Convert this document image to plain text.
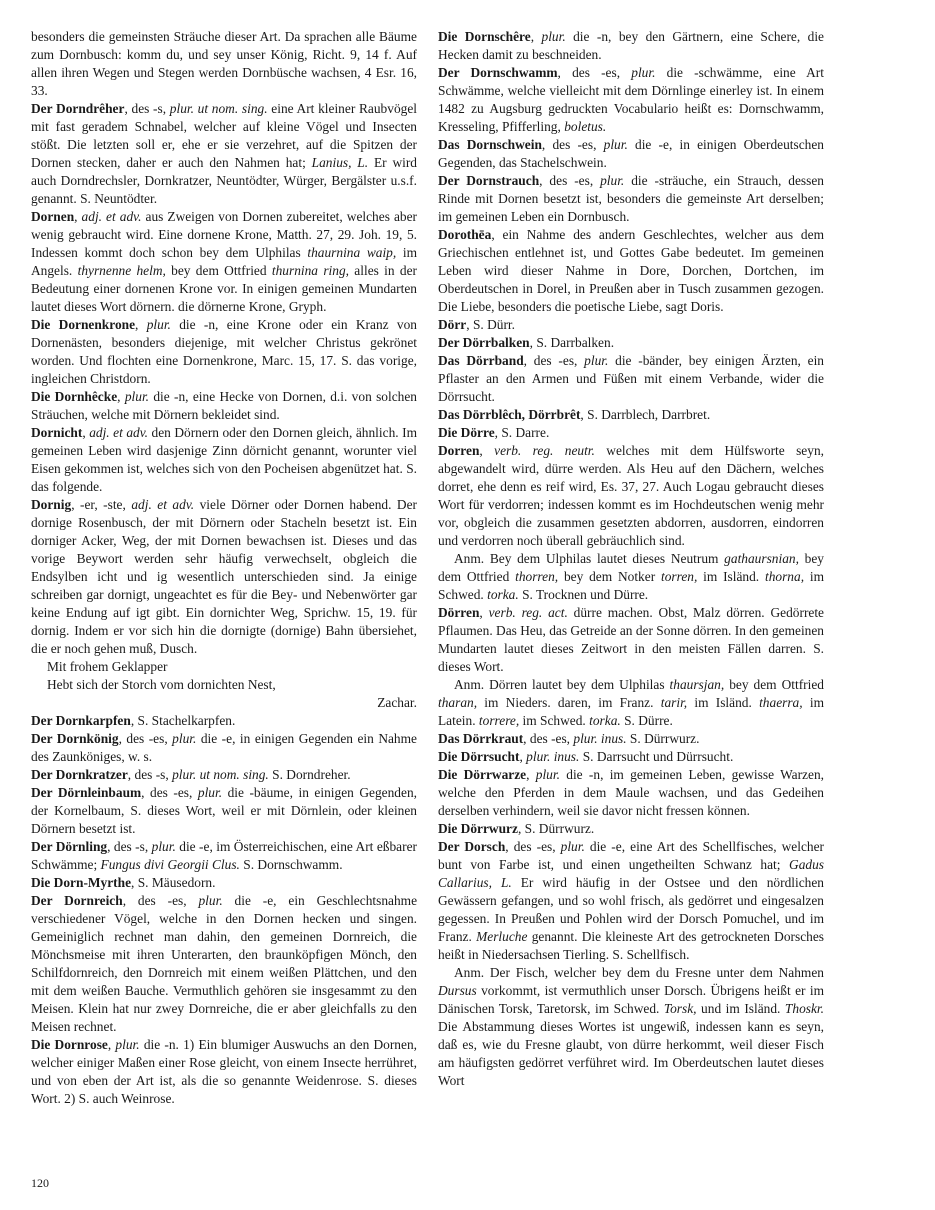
besonders die gemeinsten Sträuche dieser Art. Da sprachen alle Bäume zum Dornbusch: komm du, und sey unser König, Richt. 9, 14 f. Auf allen ihren Wegen und Stegen werden Dornbüsche wachsen, 4 Esr. 16, 33.

Der Dorndrêher, des -s, plur. ut nom. sing. eine Art kleiner Raubvögel mit fast geradem Schnabel, welcher auf kleine Vögel und Insecten stößt. Die letzten soll er, ehe er sie verzehret, auf die Spitzen der Dornen stecken, daher er auch den Nahmen hat; Lanius, L. Er wird auch Dorndrechsler, Dornkratzer, Neuntödter, Würger, Bergälster u.s.f. genannt. S. Neuntödter.

Dornen, adj. et adv. aus Zweigen von Dornen zubereitet, welches aber wenig gebraucht wird. Eine dornene Krone, Matth. 27, 29. Joh. 19, 5. Indessen kommt doch schon bey dem Ulphilas thaurnina waip, im Angels. thyrnenne helm, bey dem Ottfried thurnina ring, alles in der Bedeutung einer dornenen Krone vor. In einigen gemeinen Mundarten lautet dieses Wort dörnern. die dörnerne Krone, Gryph.

Die Dornenkrone, plur. die -n, eine Krone oder ein Kranz von Dornenästen, besonders diejenige, mit welcher Christus gekrönet worden. Und flochten eine Dornenkrone, Marc. 15, 17. S. das vorige, ingleichen Christdorn.

Die Dornhêcke, plur. die -n, eine Hecke von Dornen, d.i. von solchen Sträuchen, welche mit Dörnern bekleidet sind.

Dornicht, adj. et adv. den Dörnern oder den Dornen gleich, ähnlich. Im gemeinen Leben wird dasjenige Zinn dörnicht genannt, worunter viel Eisen gekommen ist, welches sich von den Pocheisen abgenützet hat. S. das folgende.

Dornig, -er, -ste, adj. et adv. viele Dörner oder Dornen habend. Der dornige Rosenbusch, der mit Dörnern oder Stacheln besetzt ist. Ein dorniger Acker, Weg, der mit Dornen bewachsen ist. Dieses und das vorige Beywort werden sehr häufig verwechselt, obgleich die Endsylben icht und ig wesentlich unterschieden sind. Ja einige schreiben gar dornigt, ungeachtet es für die Bey- und Nebenwörter gar keine Endung auf igt gibt. Ein dornichter Weg, Sprichw. 15, 19. für dornig. Indem er vor sich hin die dornigte (dornige) Bahn übersiehet, die er noch gehen muß, Dusch.

Mit frohem Geklapper

Hebt sich der Storch vom dornichten Nest,

Zachar.

Der Dornkarpfen, S. Stachelkarpfen.

Der Dornkönig, des -es, plur. die -e, in einigen Gegenden ein Nahme des Zaunköniges, w. s.

Der Dornkratzer, des -s, plur. ut nom. sing. S. Dorndreher.

Der Dörnleinbaum, des -es, plur. die -bäume, in einigen Gegenden, der Kornelbaum, S. dieses Wort, weil er mit Dörnlein, oder kleinen Dörnern besetzt ist.

Der Dörnling, des -s, plur. die -e, im Österreichischen, eine Art eßbarer Schwämme; Fungus divi Georgii Clus. S. Dornschwamm.

Die Dorn-Myrthe, S. Mäusedorn.

Der Dornreich, des -es, plur. die -e, ein Geschlechtsnahme verschiedener Vögel, welche in den Dornen hecken und singen. Gemeiniglich rechnet man dahin, den gemeinen Dornreich, die Mönchsmeise mit ihren Unterarten, den braunköpfigen Mönch, den Schilfdornreich, den Dornreich mit einem weißen Plättchen, und den mit dem weißen Bauche. Vermuthlich gehören sie insgesammt zu den Meisen. Klein hat nur zwey Dornreiche, die er aber gleichfalls zu den Meisen rechnet.

Die Dornrose, plur. die -n. 1) Ein blumiger Auswuchs an den Dornen, welcher einiger Maßen einer Rose gleicht, von einem Insecte herrühret, und von eben der Art ist, als die so genannte Weidenrose. S. dieses Wort. 2) S. auch Weinrose.

Die Dornschêre, plur. die -n, bey den Gärtnern, eine Schere, die Hecken damit zu beschneiden.

Der Dornschwamm, des -es, plur. die -schwämme, eine Art Schwämme, welche vielleicht mit dem Dörnlinge einerley ist. In einem 1482 zu Augsburg gedruckten Vocabulario heißt es: Dornschwamm, Kresseling, Pfifferling, boletus.

Das Dornschwein, des -es, plur. die -e, in einigen Oberdeutschen Gegenden, das Stachelschwein.

Der Dornstrauch, des -es, plur. die -sträuche, ein Strauch, dessen Rinde mit Dornen besetzt ist, besonders die gemeinste Art derselben; im gemeinen Leben ein Dornbusch.

Dorothēa, ein Nahme des andern Geschlechtes, welcher aus dem Griechischen entlehnet ist, und Gottes Gabe bedeutet. Im gemeinen Leben wird dieser Nahme in Dore, Dorchen, Dortchen, im Oberdeutschen in Dorel, in Preußen aber in Tusch zusammen gezogen. Die Liebe, besonders die poetische Liebe, sagt Doris.

Dörr, S. Dürr.

Der Dörrbalken, S. Darrbalken.

Das Dörrband, des -es, plur. die -bänder, bey einigen Ärzten, ein Pflaster an den Armen und Füßen mit einem Verbande, wider die Dörrsucht.

Das Dörrblêch, Dörrbrêt, S. Darrblech, Darrbret.

Die Dörre, S. Darre.

Dorren, verb. reg. neutr. welches mit dem Hülfsworte seyn, abgewandelt wird, dürre werden. Als Heu auf den Dächern, welches dorret, ehe denn es reif wird, Es. 37, 27. Auch Logau gebraucht dieses Wort für verdorren; indessen kommt es im Hochdeutschen wenig mehr vor, obgleich die zusammen gesetzten abdorren, ausdorren, eindorren und verdorren noch überall gebräuchlich sind.

Anm. Bey dem Ulphilas lautet dieses Neutrum gathaursnian, bey dem Ottfried thorren, bey dem Notker torren, im Isländ. thorna, im Schwed. torka. S. Trocknen und Dürre.

Dörren, verb. reg. act. dürre machen. Obst, Malz dörren. Gedörrete Pflaumen. Das Heu, das Getreide an der Sonne dörren. In den gemeinen Mundarten lautet dieses Zeitwort in den meisten Fällen darren. S. dieses Wort.

Anm. Dörren lautet bey dem Ulphilas thaursjan, bey dem Ottfried tharan, im Nieders. daren, im Franz. tarir, im Isländ. thaerra, im Latein. torrere, im Schwed. torka. S. Dürre.

Das Dörrkraut, des -es, plur. inus. S. Dürrwurz.

Die Dörrsucht, plur. inus. S. Darrsucht und Dürrsucht.

Die Dörrwarze, plur. die -n, im gemeinen Leben, gewisse Warzen, welche den Pferden in dem Maule wachsen, und das Gedeihen derselben verhindern, weil sie davor nicht fressen können.

Die Dörrwurz, S. Dürrwurz.

Der Dorsch, des -es, plur. die -e, eine Art des Schellfisches, welcher bunt von Farbe ist, und einen ungetheilten Schwanz hat; Gadus Callarius, L. Er wird häufig in der Ostsee und den nördlichen Gewässern gefangen, und so wohl frisch, als gedörret und eingesalzen gegessen. In Preußen und Pohlen wird der Dorsch Pomuchel, und im Franz. Merluche genannt. Die kleineste Art des getrockneten Dorsches heißt in Niedersachsen Tierling. S. Schellfisch.

Anm. Der Fisch, welcher bey dem du Fresne unter dem Nahmen Dursus vorkommt, ist vermuthlich unser Dorsch. Übrigens heißt er im Dänischen Torsk, Taretorsk, im Schwed. Torsk, und im Isländ. Thoskr. Die Abstammung dieses Wortes ist ungewiß, indessen kann es seyn, daß es, wie du Fresne glaubt, von dürre herkommt, weil dieser Fisch am häufigsten gedörret verführet wird. Im Oberdeutschen lautet dieses Wort

120
